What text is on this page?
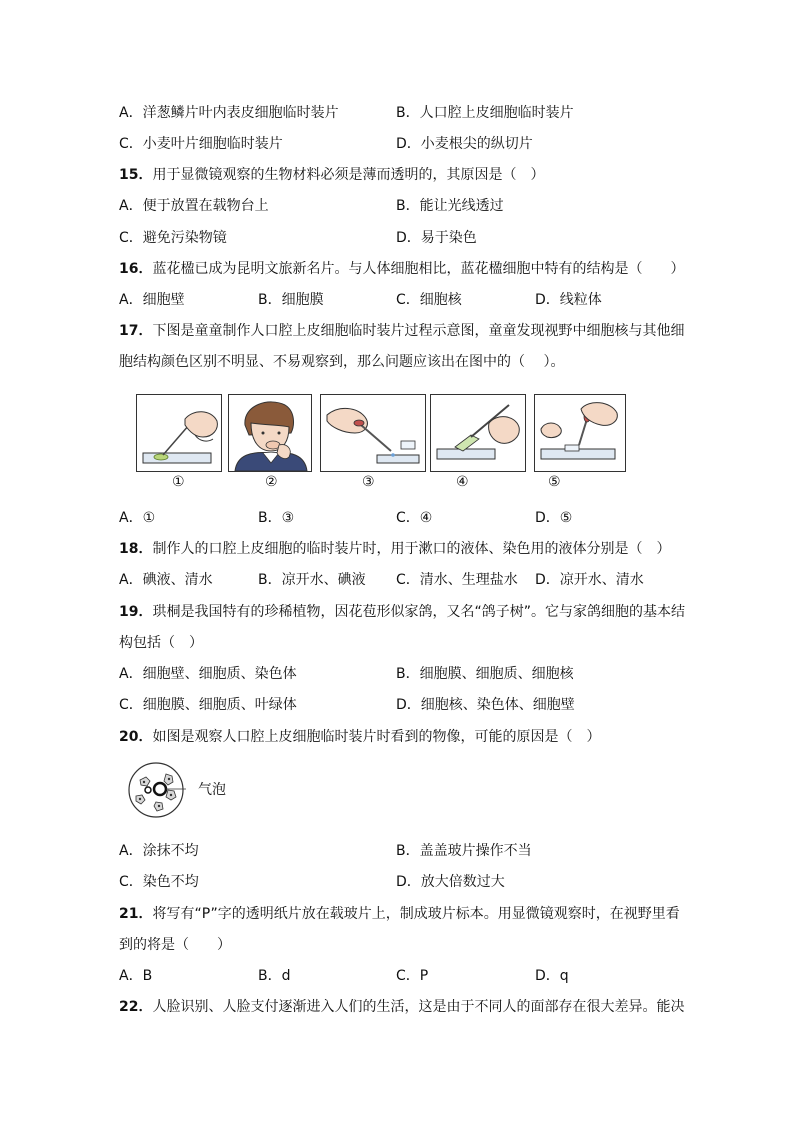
A．洋葱鳞片叶内表皮细胞临时装片	B．人口腔上皮细胞临时装片
C．小麦叶片细胞临时装片	D．小麦根尖的纵切片
15．用于显微镜观察的生物材料必须是薄而透明的，其原因是（　）
A．便于放置在载物台上	B．能让光线透过
C．避免污染物镜	D．易于染色
16．蓝花楹已成为昆明文旅新名片。与人体细胞相比，蓝花楹细胞中特有的结构是（　　）
A．细胞壁	B．细胞膜	C．细胞核	D．线粒体
17．下图是童童制作人口腔上皮细胞临时装片过程示意图，童童发现视野中细胞核与其他细
胞结构颜色区别不明显、不易观察到，那么问题应该出在图中的（　 ）。
①	②	③	④	⑤
A．①	B．③	C．④	D．⑤
18．制作人的口腔上皮细胞的临时装片时，用于漱口的液体、染色用的液体分别是（　）
A．碘液、清水	B．凉开水、碘液 C．清水、生理盐水 D．凉开水、清水
19．珙桐是我国特有的珍稀植物，因花苞形似家鸽，又名“鸽子树”。它与家鸽细胞的基本结
构包括（　）
A．细胞壁、细胞质、染色体	B．细胞膜、细胞质、细胞核
C．细胞膜、细胞质、叶绿体	D．细胞核、染色体、细胞壁
20．如图是观察人口腔上皮细胞临时装片时看到的物像，可能的原因是（　）
气泡
A．涂抹不均	B．盖盖玻片操作不当
C．染色不均	D．放大倍数过大
21．将写有“P”字的透明纸片放在载玻片上，制成玻片标本。用显微镜观察时，在视野里看
到的将是（　　）
A．B	B．d	C．P	D．q
22．人脸识别、人脸支付逐渐进入人们的生活，这是由于不同人的面部存在很大差异。能决
